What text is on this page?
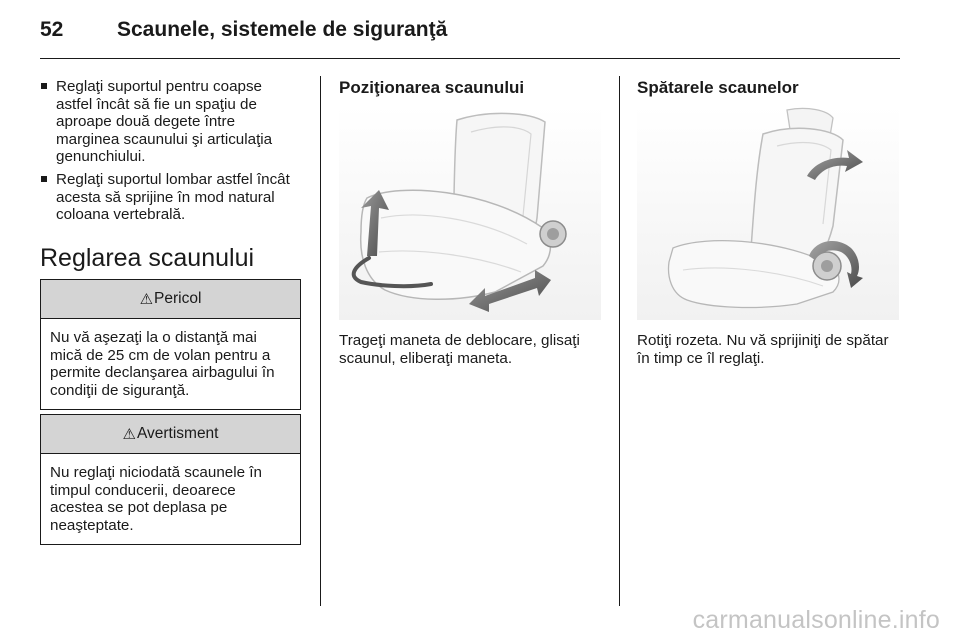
52	Scaunele, sistemele de siguranţă
Reglaţi suportul pentru coapse astfel încât să fie un spaţiu de aproape două degete între marginea scaunului şi articulaţia genunchiului.
Reglaţi suportul lombar astfel încât acesta să sprijine în mod natural coloana vertebrală.
Reglarea scaunului
⚠ Pericol
Nu vă aşezaţi la o distanţă mai mică de 25 cm de volan pentru a permite declanşarea airbagului în condiţii de siguranţă.
⚠ Avertisment
Nu reglaţi niciodată scaunele în timpul conducerii, deoarece acestea se pot deplasa pe neaşteptate.
Poziţionarea scaunului

Trageţi maneta de deblocare, glisaţi scaunul, eliberaţi maneta.

Spătarele scaunelor

Rotiţi rozeta. Nu vă sprijiniţi de spătar în timp ce îl reglaţi.

carmanualsonline.info
